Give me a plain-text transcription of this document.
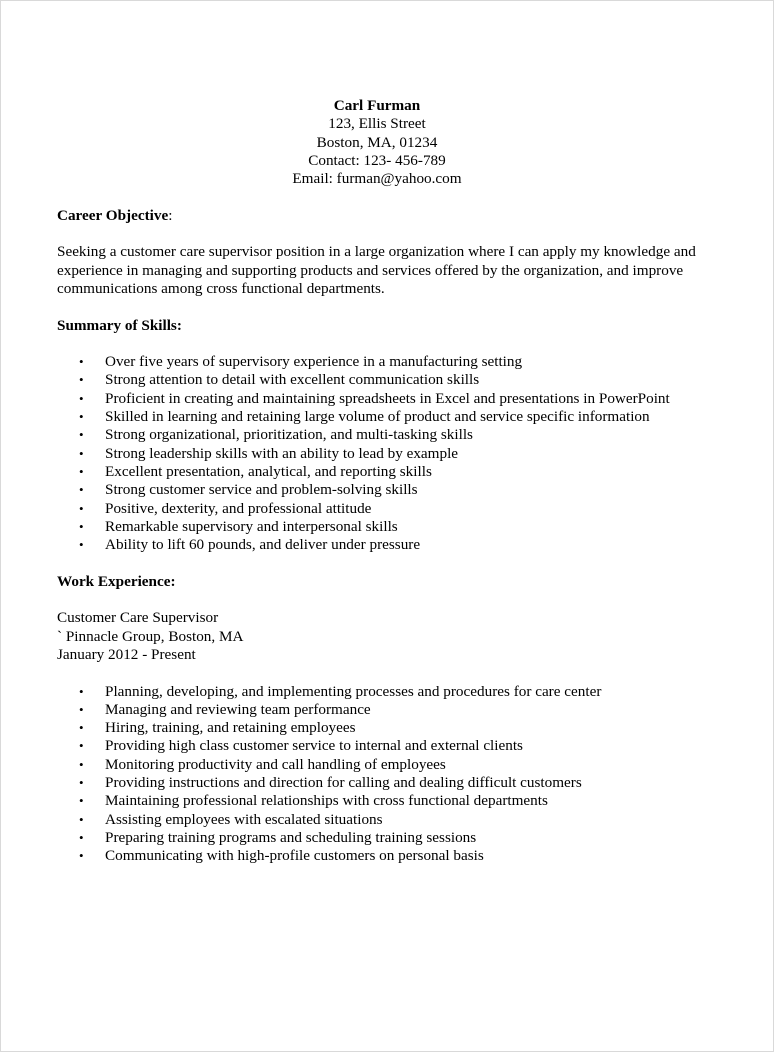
Carl Furman
123, Ellis Street
Boston, MA, 01234
Contact: 123- 456-789
Email: furman@yahoo.com
Career Objective:

Seeking a customer care supervisor position in a large organization where I can apply my knowledge and experience in managing and supporting products and services offered by the organization, and improve communications among cross functional departments.

Summary of Skills:
• Over five years of supervisory experience in a manufacturing setting
• Strong attention to detail with excellent communication skills
• Proficient in creating and maintaining spreadsheets in Excel and presentations in PowerPoint
• Skilled in learning and retaining large volume of product and service specific information
• Strong organizational, prioritization, and multi-tasking skills
• Strong leadership skills with an ability to lead by example
• Excellent presentation, analytical, and reporting skills
• Strong customer service and problem-solving skills
• Positive, dexterity, and professional attitude
• Remarkable supervisory and interpersonal skills
• Ability to lift 60 pounds, and deliver under pressure
Work Experience:
Customer Care Supervisor
` Pinnacle Group, Boston, MA
January 2012 - Present
• Planning, developing, and implementing processes and procedures for care center
• Managing and reviewing team performance
• Hiring, training, and retaining employees
• Providing high class customer service to internal and external clients
• Monitoring productivity and call handling of employees
• Providing instructions and direction for calling and dealing difficult customers
• Maintaining professional relationships with cross functional departments
• Assisting employees with escalated situations
• Preparing training programs and scheduling training sessions
• Communicating with high-profile customers on personal basis
